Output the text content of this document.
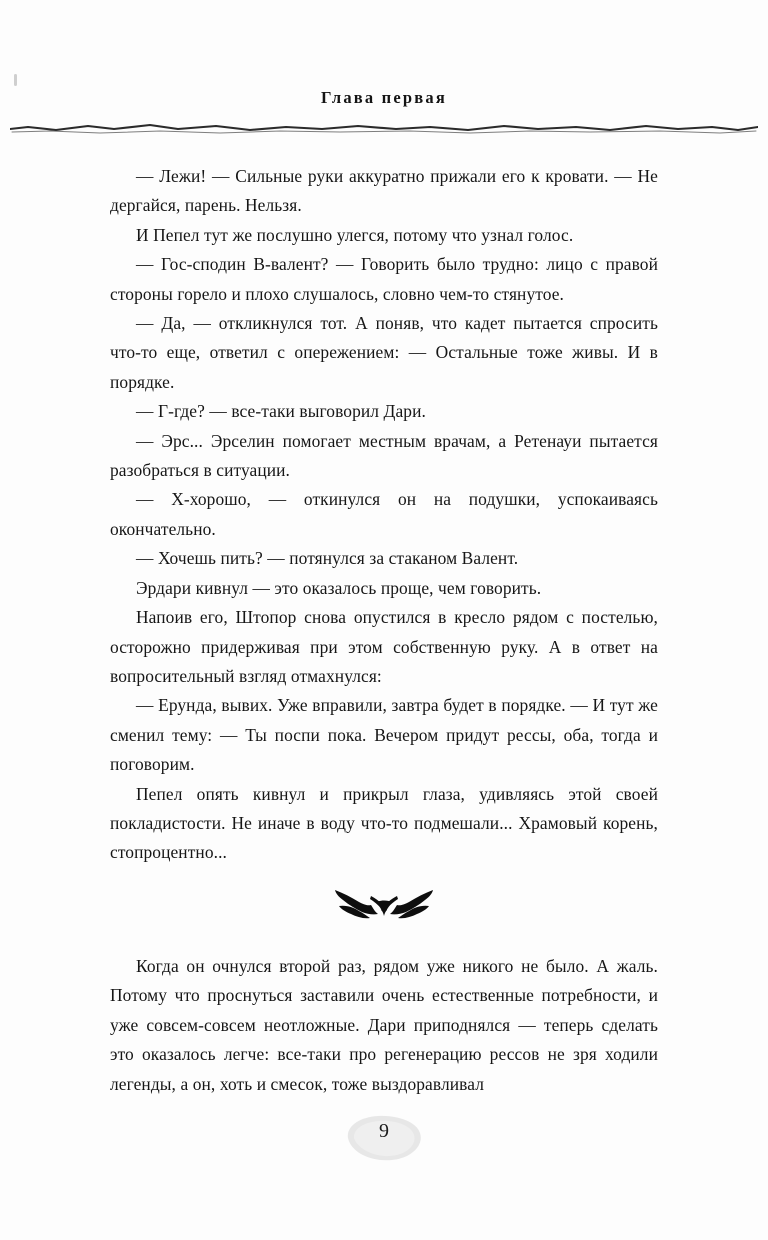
Глава первая

— Лежи! — Сильные руки аккуратно прижали его к кровати. — Не дергайся, парень. Нельзя.

И Пепел тут же послушно улегся, потому что узнал голос.

— Гос-сподин В-валент? — Говорить было трудно: лицо с правой стороны горело и плохо слушалось, словно чем-то стянутое.

— Да, — откликнулся тот. А поняв, что кадет пытается спросить что-то еще, ответил с опережением: — Остальные тоже живы. И в порядке.

— Г-где? — все-таки выговорил Дари.

— Эрс... Эрселин помогает местным врачам, а Ретенауи пытается разобраться в ситуации.

— Х-хорошо, — откинулся он на подушки, успокаиваясь окончательно.

— Хочешь пить? — потянулся за стаканом Валент.

Эрдари кивнул — это оказалось проще, чем говорить.

Напоив его, Штопор снова опустился в кресло рядом с постелью, осторожно придерживая при этом собственную руку. А в ответ на вопросительный взгляд отмахнулся:

— Ерунда, вывих. Уже вправили, завтра будет в порядке. — И тут же сменил тему: — Ты поспи пока. Вечером придут рессы, оба, тогда и поговорим.

Пепел опять кивнул и прикрыл глаза, удивляясь этой своей покладистости. Не иначе в воду что-то подмешали... Храмовый корень, стопроцентно...

Когда он очнулся второй раз, рядом уже никого не было. А жаль. Потому что проснуться заставили очень естественные потребности, и уже совсем-совсем неотложные. Дари приподнялся — теперь сделать это оказалось легче: все-таки про регенерацию рессов не зря ходили легенды, а он, хоть и смесок, тоже выздоравливал

9
